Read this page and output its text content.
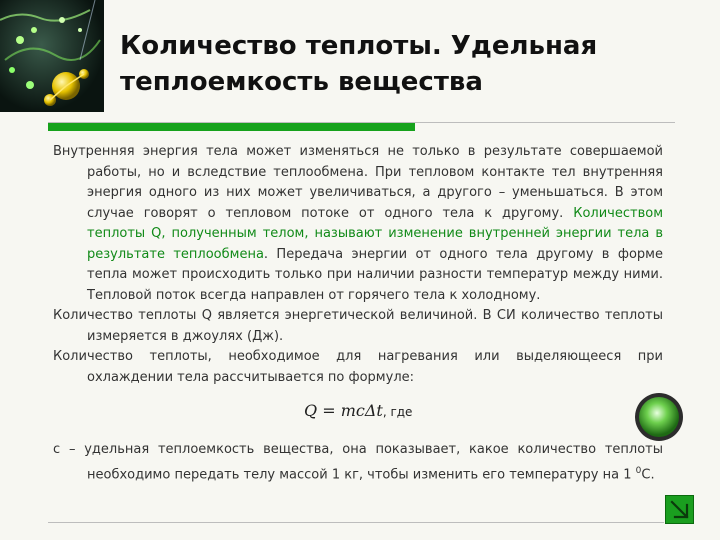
Количество теплоты. Удельная
теплоемкость вещества

Внутренняя энергия тела может изменяться не только в результате совершаемой работы, но и вследствие теплообмена. При тепловом контакте тел внутренняя энергия одного из них может увеличиваться, а другого – уменьшаться. В этом случае говорят о тепловом потоке от одного тела к другому. Количеством теплоты Q, полученным телом, называют изменение внутренней энергии тела в результате теплообмена. Передача энергии от одного тела другому в форме тепла может происходить только при наличии разности температур между ними. Тепловой поток всегда направлен от горячего тела к холодному.

Количество теплоты Q является энергетической величиной. В СИ количество теплоты измеряется в джоулях (Дж).

Количество теплоты, необходимое для нагревания или выделяющееся при охлаждении тела рассчитывается по формуле:

Q = mcΔt, где

c – удельная теплоемкость вещества, она показывает, какое количество теплоты необходимо передать телу массой 1 кг, чтобы изменить его температуру на 1 $^0$С.
